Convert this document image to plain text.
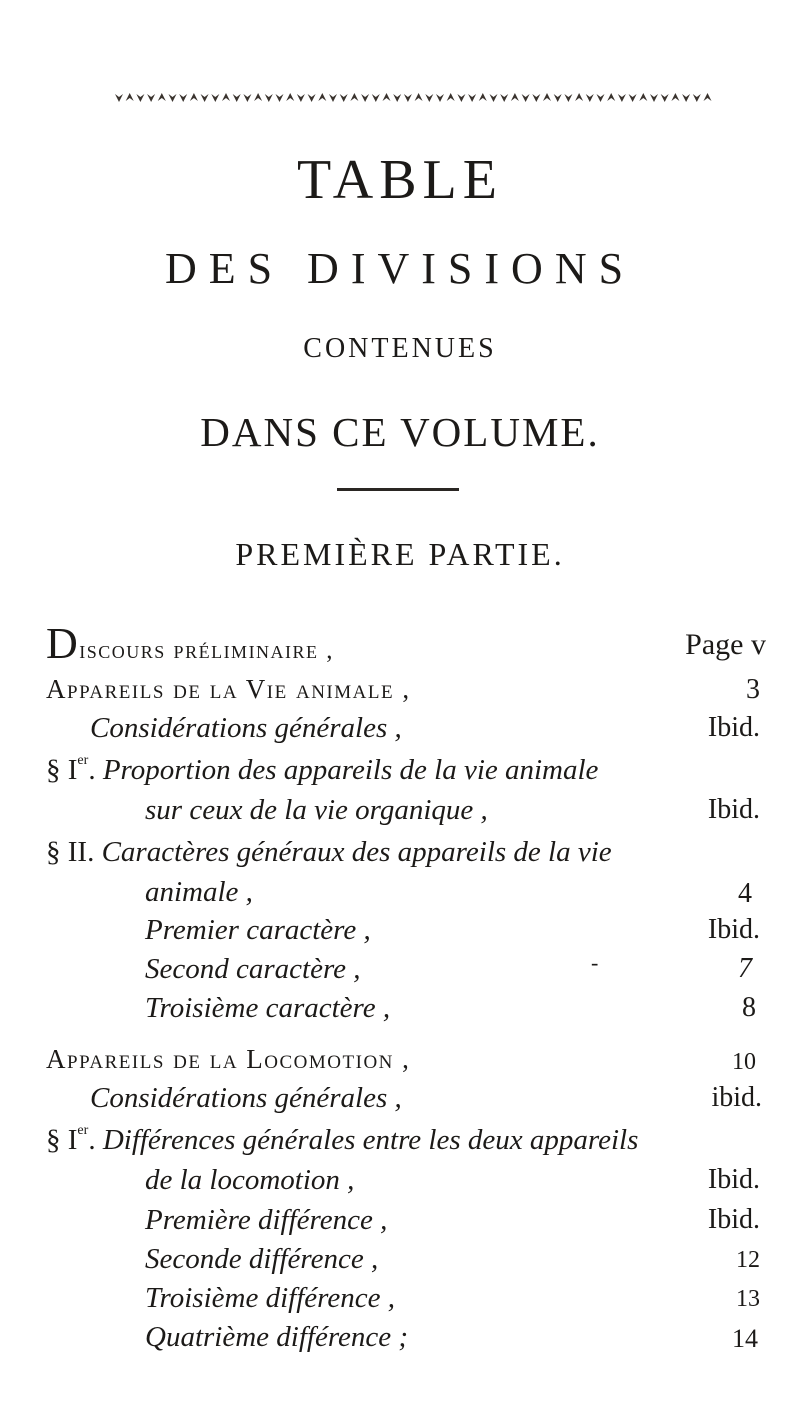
TABLE
DES DIVISIONS
CONTENUES
DANS CE VOLUME.
PREMIÈRE PARTIE.
Discours préliminaire ,	Page v
Appareils de la Vie animale ,	3
Considérations générales ,	Ibid.
§ Ier. Proportion des appareils de la vie animale
sur ceux de la vie organique ,	Ibid.
§ II. Caractères généraux des appareils de la vie
animale ,	4
Premier caractère ,	Ibid.
Second caractère ,	-	7
Troisième caractère ,	8
Appareils de la Locomotion ,	10
Considérations générales ,	ibid.
§ Ier. Différences générales entre les deux appareils
de la locomotion ,	Ibid.
Première différence ,	Ibid.
Seconde différence ,	12
Troisième différence ,	13
Quatrième différence ;	14
